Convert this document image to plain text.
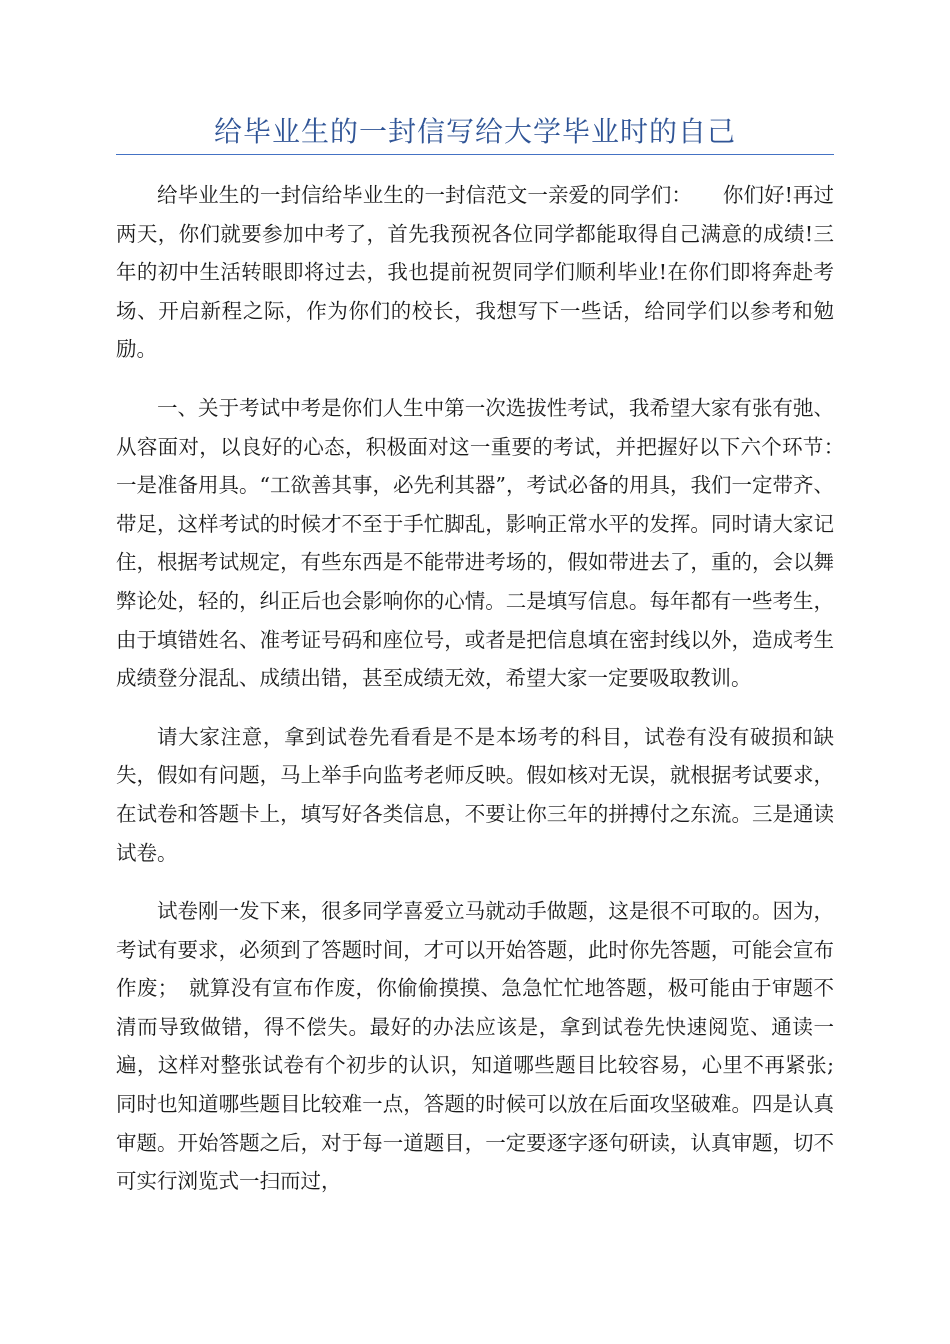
给毕业生的一封信写给大学毕业时的自己

给毕业生的一封信给毕业生的一封信范文一亲爱的同学们：　　你们好!再过两天，你们就要参加中考了，首先我预祝各位同学都能取得自己满意的成绩!三年的初中生活转眼即将过去，我也提前祝贺同学们顺利毕业!在你们即将奔赴考场、开启新程之际，作为你们的校长，我想写下一些话，给同学们以参考和勉励。

一、关于考试中考是你们人生中第一次选拔性考试，我希望大家有张有弛、从容面对，以良好的心态，积极面对这一重要的考试，并把握好以下六个环节：　　一是准备用具。“工欲善其事，必先利其器”，考试必备的用具，我们一定带齐、带足，这样考试的时候才不至于手忙脚乱，影响正常水平的发挥。同时请大家记住，根据考试规定，有些东西是不能带进考场的，假如带进去了，重的，会以舞弊论处，轻的，纠正后也会影响你的心情。二是填写信息。每年都有一些考生，由于填错姓名、准考证号码和座位号，或者是把信息填在密封线以外，造成考生成绩登分混乱、成绩出错，甚至成绩无效，希望大家一定要吸取教训。

请大家注意，拿到试卷先看看是不是本场考的科目，试卷有没有破损和缺失，假如有问题，马上举手向监考老师反映。假如核对无误，就根据考试要求，在试卷和答题卡上，填写好各类信息，不要让你三年的拼搏付之东流。三是通读试卷。

试卷刚一发下来，很多同学喜爱立马就动手做题，这是很不可取的。因为，考试有要求，必须到了答题时间，才可以开始答题，此时你先答题，可能会宣布作废；　就算没有宣布作废，你偷偷摸摸、急急忙忙地答题，极可能由于审题不清而导致做错，得不偿失。最好的办法应该是，拿到试卷先快速阅览、通读一遍，这样对整张试卷有个初步的认识，知道哪些题目比较容易，心里不再紧张;同时也知道哪些题目比较难一点，答题的时候可以放在后面攻坚破难。四是认真审题。开始答题之后，对于每一道题目，一定要逐字逐句研读，认真审题，切不可实行浏览式一扫而过，
